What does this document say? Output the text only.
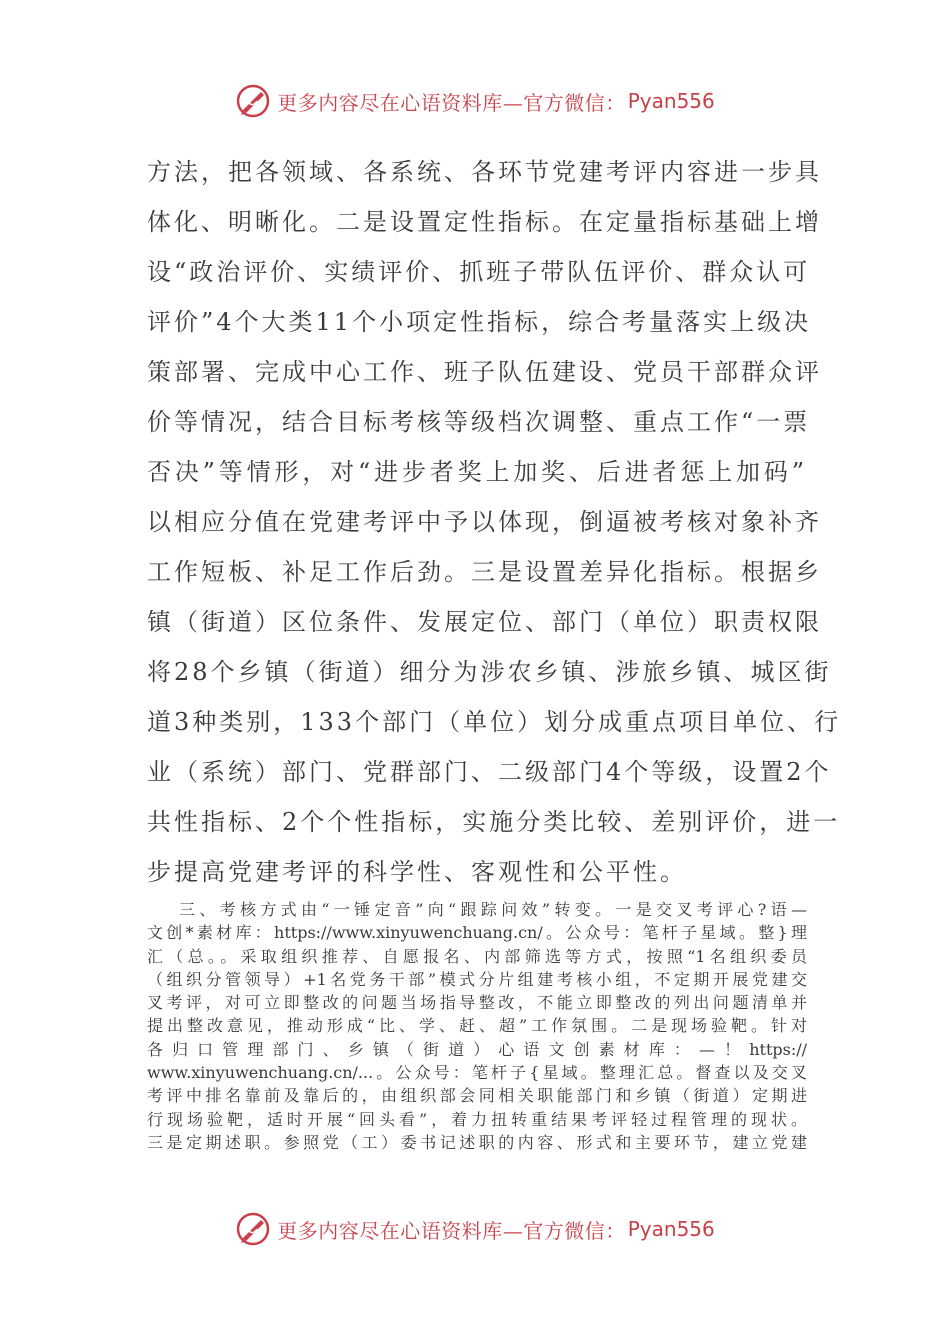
更多内容尽在心语资料库—官方微信： Pyan556
方法，把各领域、各系统、各环节党建考评内容进一步具
体化、明晰化。二是设置定性指标。在定量指标基础上增
设“政治评价、实绩评价、抓班子带队伍评价、群众认可
评价”4个大类11个小项定性指标，综合考量落实上级决
策部署、完成中心工作、班子队伍建设、党员干部群众评
价等情况，结合目标考核等级档次调整、重点工作“一票
否决”等情形，对“进步者奖上加奖、后进者惩上加码”
以相应分值在党建考评中予以体现，倒逼被考核对象补齐
工作短板、补足工作后劲。三是设置差异化指标。根据乡
镇（街道）区位条件、发展定位、部门（单位）职责权限
将28个乡镇（街道）细分为涉农乡镇、涉旅乡镇、城区街
道3种类别，133个部门（单位）划分成重点项目单位、行
业（系统）部门、党群部门、二级部门4个等级，设置2个
共性指标、2个个性指标，实施分类比较、差别评价，进一
步提高党建考评的科学性、客观性和公平性。
三、考核方式由“一锤定音”向“跟踪问效”转变。一是交叉考评心?语—
文创*素材库：https://www.xinyuwenchuang.cn/。公众号：笔杆子星域。整}理
汇（总。。采取组织推荐、自愿报名、内部筛选等方式，按照“1名组织委员
（组织分管领导）+1名党务干部”模式分片组建考核小组，不定期开展党建交
叉考评，对可立即整改的问题当场指导整改，不能立即整改的列出问题清单并
提出整改意见，推动形成“比、学、赶、超”工作氛围。二是现场验靶。针对
各归口管理部门、乡镇（街道）心语文创素材库：—！https://
www.xinyuwenchuang.cn/...。公众号：笔杆子{星域。整理汇总。督查以及交叉
考评中排名靠前及靠后的，由组织部会同相关职能部门和乡镇（街道）定期进
行现场验靶，适时开展“回头看”，着力扭转重结果考评轻过程管理的现状。
三是定期述职。参照党（工）委书记述职的内容、形式和主要环节，建立党建
更多内容尽在心语资料库—官方微信： Pyan556
